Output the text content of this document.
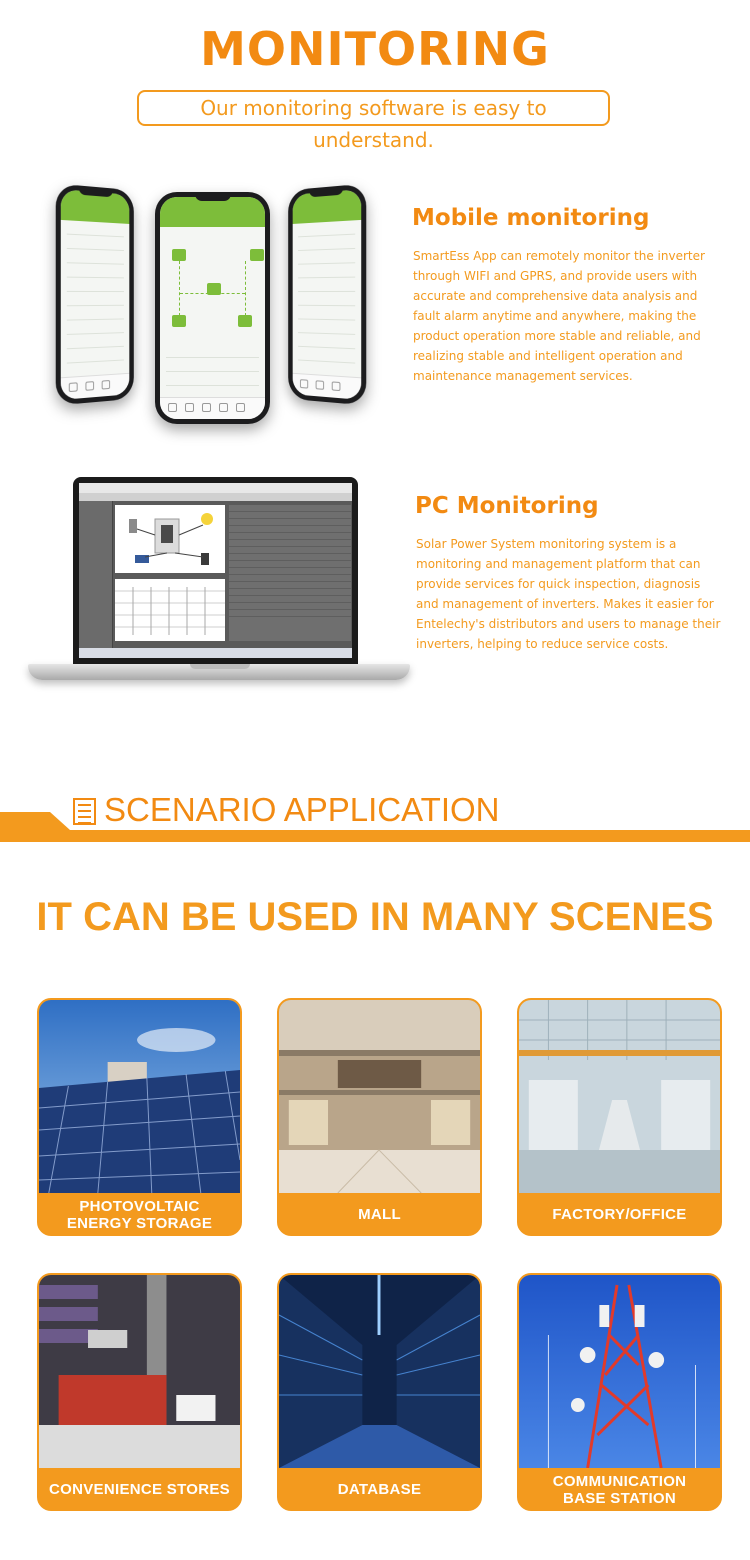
MONITORING
Our monitoring software is easy to understand.
Mobile monitoring
SmartEss App can remotely monitor the inverter through WIFI and GPRS, and provide users with accurate and comprehensive data analysis and fault alarm anytime and anywhere, making the product operation more stable and reliable, and realizing stable and intelligent operation and maintenance management services.
PC Monitoring
Solar Power System monitoring system is a monitoring and management platform that can provide services for quick inspection, diagnosis and management of inverters. Makes it easier for Entelechy's distributors and users to manage their inverters, helping to reduce service costs.
SCENARIO APPLICATION
IT CAN BE USED IN MANY SCENES
PHOTOVOLTAIC
ENERGY STORAGE	MALL	FACTORY/OFFICE
CONVENIENCE STORES	DATABASE	COMMUNICATION
BASE STATION
